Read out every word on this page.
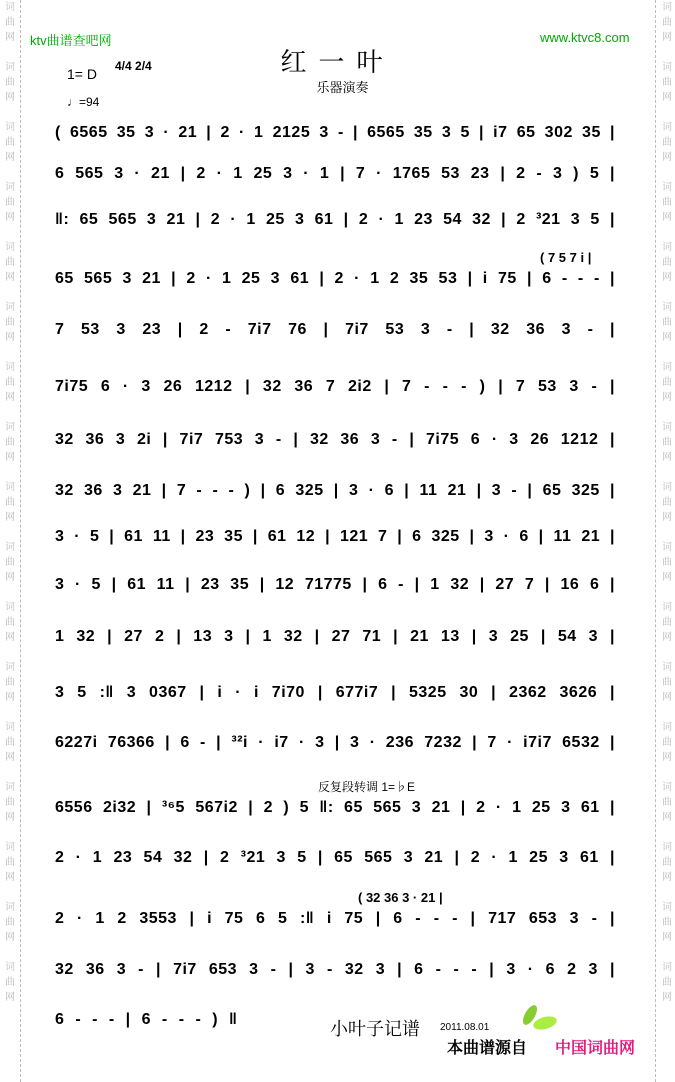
词
曲
网

词
曲
网

词
曲
网

词
曲
网

词
曲
网

词
曲
网

词
曲
网

词
曲
网

词
曲
网

词
曲
网

词
曲
网

词
曲
网

词
曲
网

词
曲
网

词
曲
网

词
曲
网

词
曲
网
词
曲
网

词
曲
网

词
曲
网

词
曲
网

词
曲
网

词
曲
网

词
曲
网

词
曲
网

词
曲
网

词
曲
网

词
曲
网

词
曲
网

词
曲
网

词
曲
网

词
曲
网

词
曲
网

词
曲
网
ktv曲谱查吧网	www.ktvc8.com
红一叶
乐器演奏
1= D 4/4 2/4
♩=94
( 6565 35 3 · 21 | 2 · 1 2125 3 - | 6565 35 3 5 | i7 65 302 35 |
6 565 3 · 21 | 2 · 1 25 3 · 1 | 7 · 1765 53 23 | 2 - 3 ) 5 |
‖: 65 565 3 21 | 2 · 1 25 3 61 | 2 · 1 23 54 32 | 2 ³21 3 5 |
65 565 3 21 | 2 · 1 25 3 61 | 2 · 1 2 35 53 | i 75 | 6 - - - |
7 53 3 23 | 2 - 7i7 76 | 7i7 53 3 - | 32 36 3 - |
7i75 6 · 3 26 1212 | 32 36 7 2i2 | 7 - - - ) | 7 53 3 - |
32 36 3 2i | 7i7 753 3 - | 32 36 3 - | 7i75 6 · 3 26 1212 |
32 36 3 21 | 7 - - - ) | 6 325 | 3 · 6 | 11 21 | 3 - | 65 325 |
3 · 5 | 61 11 | 23 35 | 61 12 | 121 7 | 6 325 | 3 · 6 | 11 21 |
3 · 5 | 61 11 | 23 35 | 12 71775 | 6 - | 1 32 | 27 7 | 16 6 |
1 32 | 27 2 | 13 3 | 1 32 | 27 71 | 21 13 | 3 25 | 54 3 |
3 5 :‖ 3 0367 | i · i 7i70 | 677i7 | 5325 30 | 2362 3626 |
6227i 76366 | 6 - | ³²i · i7 · 3 | 3 · 236 7232 | 7 · i7i7 6532 |
6556 2i32 | ³⁶5 567i2 | 2 ) 5 ‖: 65 565 3 21 | 2 · 1 25 3 61 |
2 · 1 23 54 32 | 2 ³21 3 5 | 65 565 3 21 | 2 · 1 25 3 61 |
2 · 1 2 3553 | i 75 6 5 :‖ i 75 | 6 - - - | 717 653 3 - |
32 36 3 - | 7i7 653 3 - | 3 - 32 3 | 6 - - - | 3 · 6 2 3 |
6 - - - | 6 - - - ) ‖
( 7 5 7 i |
( 32 36 3 · 21 |
反复段转调 1=♭E
小叶子记谱 2011.08.01
本曲谱源自 中国词曲网
